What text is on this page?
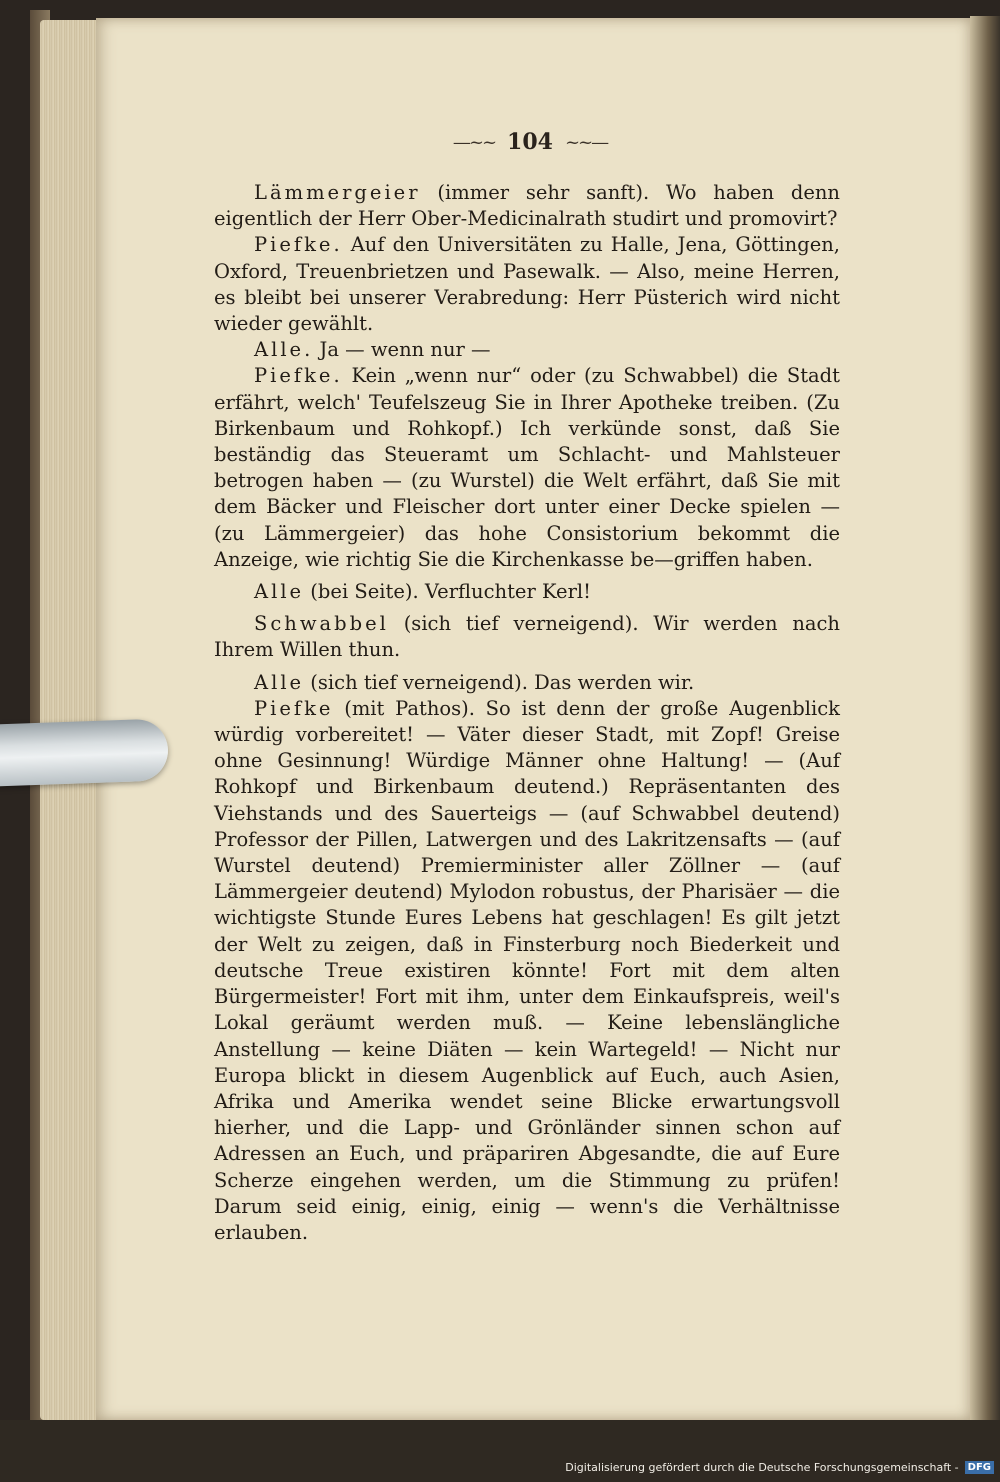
—~~ 104 ~~—

Lämmergeier (immer sehr sanft). Wo haben denn eigentlich der Herr Ober-Medicinalrath studirt und promovirt?

Piefke. Auf den Universitäten zu Halle, Jena, Göttingen, Oxford, Treuenbrietzen und Pasewalk. — Also, meine Herren, es bleibt bei unserer Verabredung: Herr Püsterich wird nicht wieder gewählt.

Alle. Ja — wenn nur —

Piefke. Kein „wenn nur“ oder (zu Schwabbel) die Stadt erfährt, welch' Teufelszeug Sie in Ihrer Apotheke treiben. (Zu Birkenbaum und Rohkopf.) Ich verkünde sonst, daß Sie beständig das Steueramt um Schlacht- und Mahlsteuer betrogen haben — (zu Wurstel) die Welt erfährt, daß Sie mit dem Bäcker und Fleischer dort unter einer Decke spielen — (zu Lämmergeier) das hohe Consistorium bekommt die Anzeige, wie richtig Sie die Kirchenkasse be—griffen haben.

Alle (bei Seite). Verfluchter Kerl!

Schwabbel (sich tief verneigend). Wir werden nach Ihrem Willen thun.

Alle (sich tief verneigend). Das werden wir.

Piefke (mit Pathos). So ist denn der große Augenblick würdig vorbereitet! — Väter dieser Stadt, mit Zopf! Greise ohne Gesinnung! Würdige Männer ohne Haltung! — (Auf Rohkopf und Birkenbaum deutend.) Repräsentanten des Viehstands und des Sauerteigs — (auf Schwabbel deutend) Professor der Pillen, Latwergen und des Lakritzensafts — (auf Wurstel deutend) Premierminister aller Zöllner — (auf Lämmergeier deutend) Mylodon robustus, der Pharisäer — die wichtigste Stunde Eures Lebens hat geschlagen! Es gilt jetzt der Welt zu zeigen, daß in Finsterburg noch Biederkeit und deutsche Treue existiren könnte! Fort mit dem alten Bürgermeister! Fort mit ihm, unter dem Einkaufspreis, weil's Lokal geräumt werden muß. — Keine lebenslängliche Anstellung — keine Diäten — kein Wartegeld! — Nicht nur Europa blickt in diesem Augenblick auf Euch, auch Asien, Afrika und Amerika wendet seine Blicke erwartungsvoll hierher, und die Lapp- und Grönländer sinnen schon auf Adressen an Euch, und präpariren Abgesandte, die auf Eure Scherze eingehen werden, um die Stimmung zu prüfen! Darum seid einig, einig, einig — wenn's die Verhältnisse erlauben.

Digitalisierung gefördert durch die Deutsche Forschungsgemeinschaft - DFG
